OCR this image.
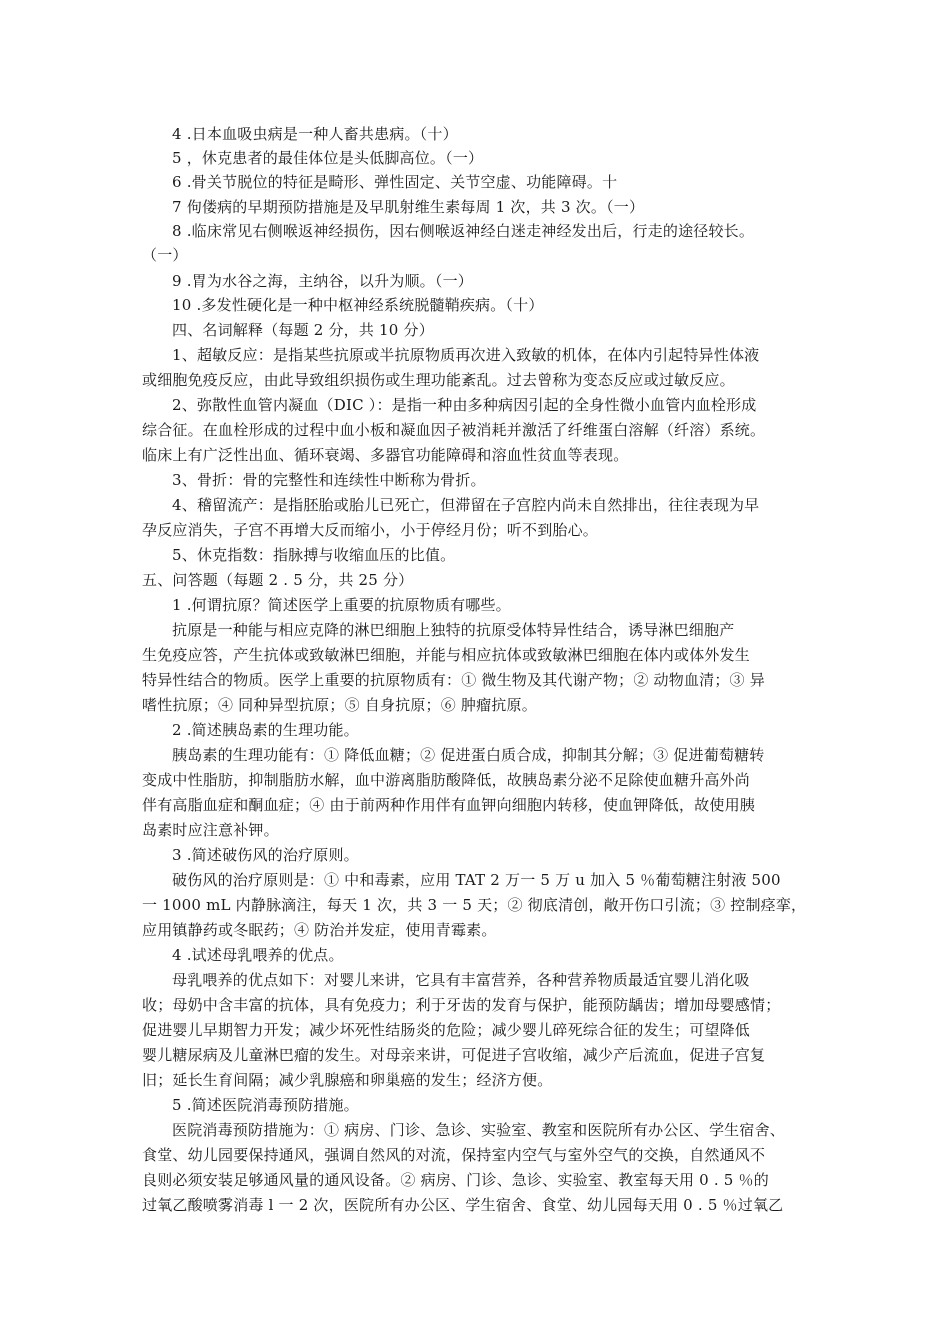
4 .日本血吸虫病是一种人畜共患病。（十）
5 ，休克患者的最佳体位是头低脚高位。（一）
6 .骨关节脱位的特征是畸形、弹性固定、关节空虚、功能障碍。十
7 佝偻病的早期预防措施是及早肌射维生素每周 1 次，共 3 次。（一）
8 .临床常见右侧喉返神经损伤，因右侧喉返神经白迷走神经发出后，行走的途径较长。
（一）
9 .胃为水谷之海，主纳谷，以升为顺。（一）
10 .多发性硬化是一种中枢神经系统脱髓鞘疾病。（十）
四、名词解释（每题 2 分，共 10 分）
1、超敏反应：是指某些抗原或半抗原物质再次进入致敏的机体，在体内引起特异性体液
或细胞免疫反应，由此导致组织损伤或生理功能紊乱。过去曾称为变态反应或过敏反应。
2、弥散性血管内凝血（DIC ）：是指一种由多种病因引起的全身性微小血管内血栓形成
综合征。在血栓形成的过程中血小板和凝血因子被消耗并激活了纤维蛋白溶解（纤溶）系统。
临床上有广泛性出血、循环衰竭、多器官功能障碍和溶血性贫血等表现。
3、骨折：骨的完整性和连续性中断称为骨折。
4、稽留流产：是指胚胎或胎儿已死亡，但滞留在子宫腔内尚未自然排出，往往表现为早
孕反应消失，子宫不再增大反而缩小，小于停经月份；听不到胎心。
5、休克指数：指脉搏与收缩血压的比值。
五、问答题（每题 2 . 5 分，共 25 分）
1 .何谓抗原？简述医学上重要的抗原物质有哪些。
抗原是一种能与相应克降的淋巴细胞上独特的抗原受体特异性结合，诱导淋巴细胞产
生免疫应答，产生抗体或致敏淋巴细胞，并能与相应抗体或致敏淋巴细胞在体内或体外发生
特异性结合的物质。医学上重要的抗原物质有：① 微生物及其代谢产物；② 动物血清；③ 异
嗜性抗原；④ 同种异型抗原；⑤ 自身抗原；⑥ 肿瘤抗原。
2 .简述胰岛素的生理功能。
胰岛素的生理功能有：① 降低血糖；② 促进蛋白质合成，抑制其分解；③ 促进葡萄糖转
变成中性脂肪，抑制脂肪水解，血中游离脂肪酸降低，故胰岛素分泌不足除使血糖升高外尚
伴有高脂血症和酮血症；④ 由于前两种作用伴有血钾向细胞内转移，使血钾降低，故使用胰
岛素时应注意补钾。
3 .简述破伤风的治疗原则。
破伤风的治疗原则是：① 中和毒素，应用 TAT 2 万一 5 万 u 加入 5 ％葡萄糖注射液 500
一 1000 mL 内静脉滴注，每天 1 次，共 3 一 5 天；② 彻底清创，敞开伤口引流；③ 控制痉挛，
应用镇静药或冬眠药；④ 防治并发症，使用青霉素。
4 .试述母乳喂养的优点。
母乳喂养的优点如下：对婴儿来讲，它具有丰富营养，各种营养物质最适宜婴儿消化吸
收；母奶中含丰富的抗体，具有免疫力；利于牙齿的发育与保护，能预防龋齿；增加母婴感情；
促进婴儿早期智力开发；减少坏死性结肠炎的危险；减少婴儿碎死综合征的发生；可望降低
婴儿糖尿病及儿童淋巴瘤的发生。对母亲来讲，可促进子宫收缩，减少产后流血，促进子宫复
旧；延长生育间隔；减少乳腺癌和卵巢癌的发生；经济方便。
5 .简述医院消毒预防措施。
医院消毒预防措施为：① 病房、门诊、急诊、实验室、教室和医院所有办公区、学生宿舍、
食堂、幼儿园要保持通风，强调自然风的对流，保持室内空气与室外空气的交换，自然通风不
良则必须安装足够通风量的通风设备。② 病房、门诊、急诊、实验室、教室每天用 0 . 5 ％的
过氧乙酸喷雾消毒 l 一 2 次，医院所有办公区、学生宿舍、食堂、幼儿园每天用 0 . 5 ％过氧乙
